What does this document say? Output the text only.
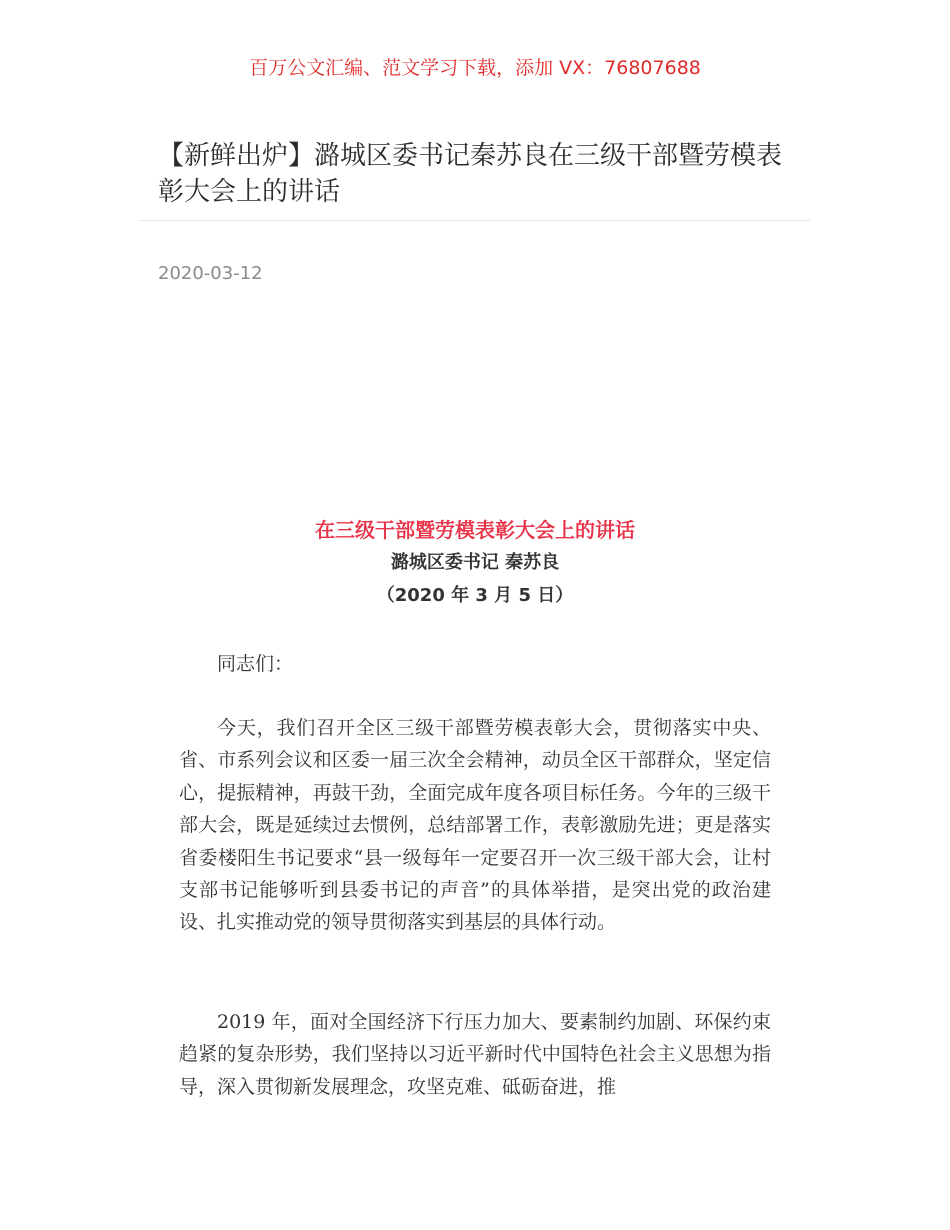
百万公文汇编、范文学习下载，添加 VX：76807688
【新鲜出炉】潞城区委书记秦苏良在三级干部暨劳模表彰大会上的讲话
2020-03-12
在三级干部暨劳模表彰大会上的讲话
潞城区委书记 秦苏良
（2020 年 3 月 5 日）

同志们：

今天，我们召开全区三级干部暨劳模表彰大会，贯彻落实中央、省、市系列会议和区委一届三次全会精神，动员全区干部群众，坚定信心，提振精神，再鼓干劲，全面完成年度各项目标任务。今年的三级干部大会，既是延续过去惯例，总结部署工作，表彰激励先进；更是落实省委楼阳生书记要求“县一级每年一定要召开一次三级干部大会，让村支部书记能够听到县委书记的声音”的具体举措，是突出党的政治建设、扎实推动党的领导贯彻落实到基层的具体行动。

2019 年，面对全国经济下行压力加大、要素制约加剧、环保约束趋紧的复杂形势，我们坚持以习近平新时代中国特色社会主义思想为指导，深入贯彻新发展理念，攻坚克难、砥砺奋进，推
